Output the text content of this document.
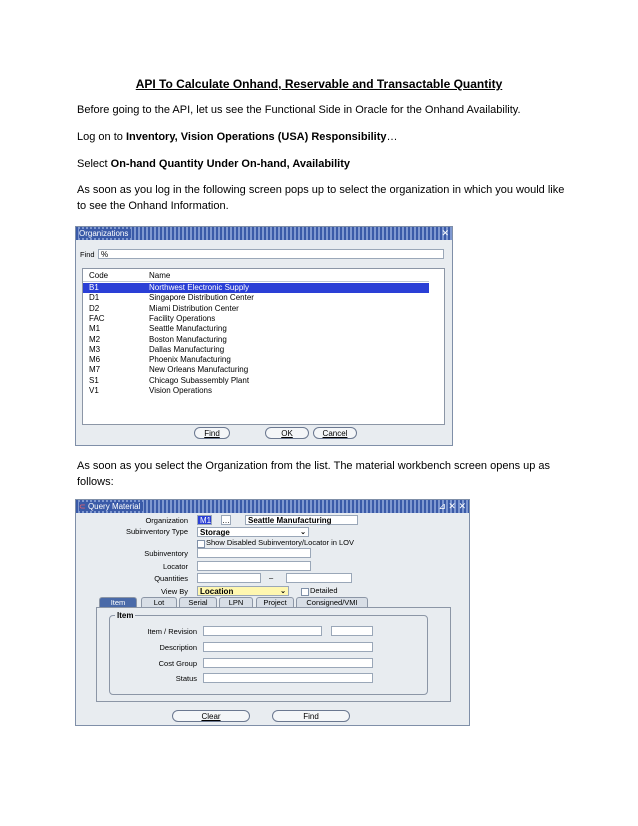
API To Calculate Onhand, Reservable and Transactable Quantity
Before going to the API, let us see the Functional Side in Oracle for the Onhand Availability.
Log on to Inventory, Vision Operations (USA) Responsibility…
Select On-hand Quantity Under On-hand, Availability
As soon as you log in the following screen pops up to select the organization in which you would like to see the Onhand Information.
Organizations	✕
Find %
Code	Name
B1	Northwest Electronic Supply
D1	Singapore Distribution Center
D2	Miami Distribution Center
FAC	Facility Operations
M1	Seattle Manufacturing
M2	Boston Manufacturing
M3	Dallas Manufacturing
M6	Phoenix Manufacturing
M7	New Orleans Manufacturing
S1	Chicago Subassembly Plant
V1	Vision Operations
Find	OK	Cancel
As soon as you select the Organization from the list. The material workbench screen opens up as follows:
⊂ Query Material	⊿ ✕ ✕
Organization	M1 …	Seattle Manufacturing
Subinventory Type	Storage	⌄
Show Disabled Subinventory/Locator in LOV
Subinventory
Locator
Quantities	–
View By	Location	⌄	Detailed
Item	Lot	Serial	LPN	Project	Consigned/VMI
Item
Item / Revision
Description
Cost Group
Status
Clear	Find
